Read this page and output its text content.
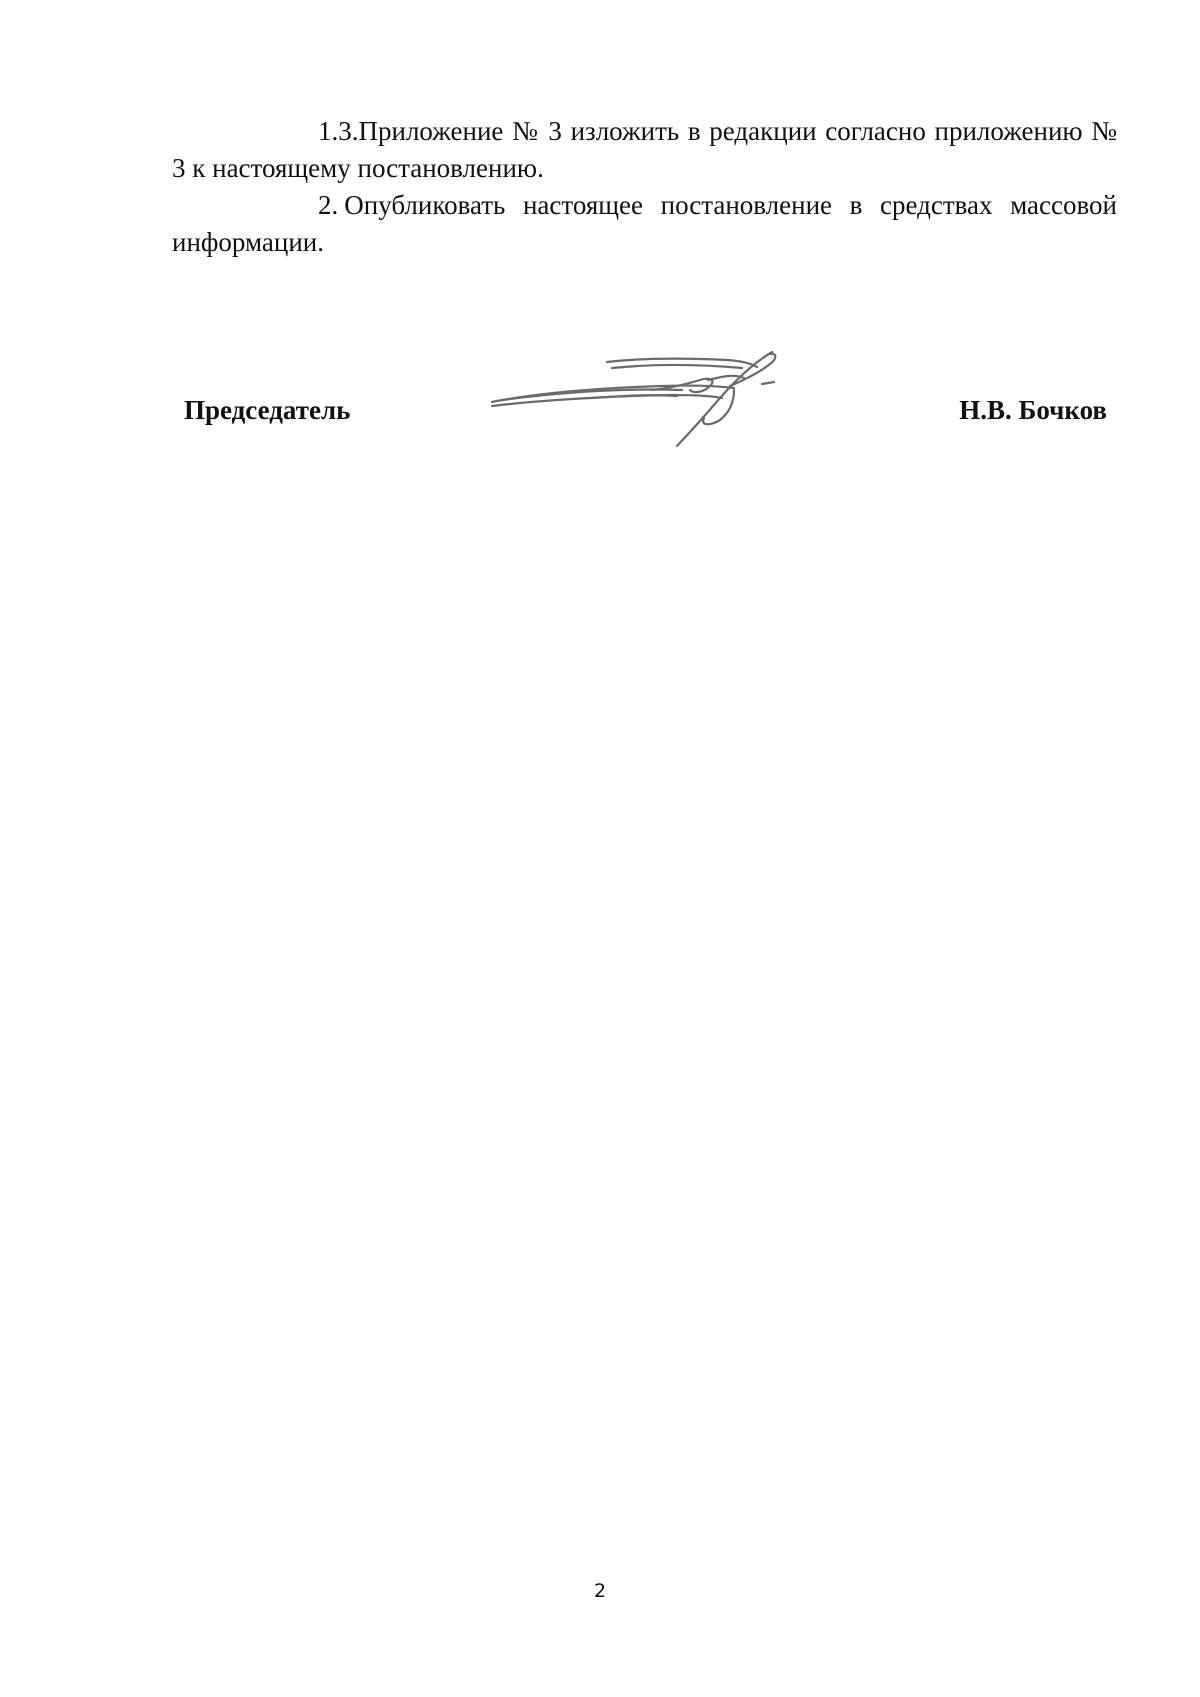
1.3.Приложение № 3 изложить в редакции согласно приложению № 3 к настоящему постановлению.

2. Опубликовать настоящее постановление в средствах массовой информации.

Председатель	Н.В. Бочков
2
